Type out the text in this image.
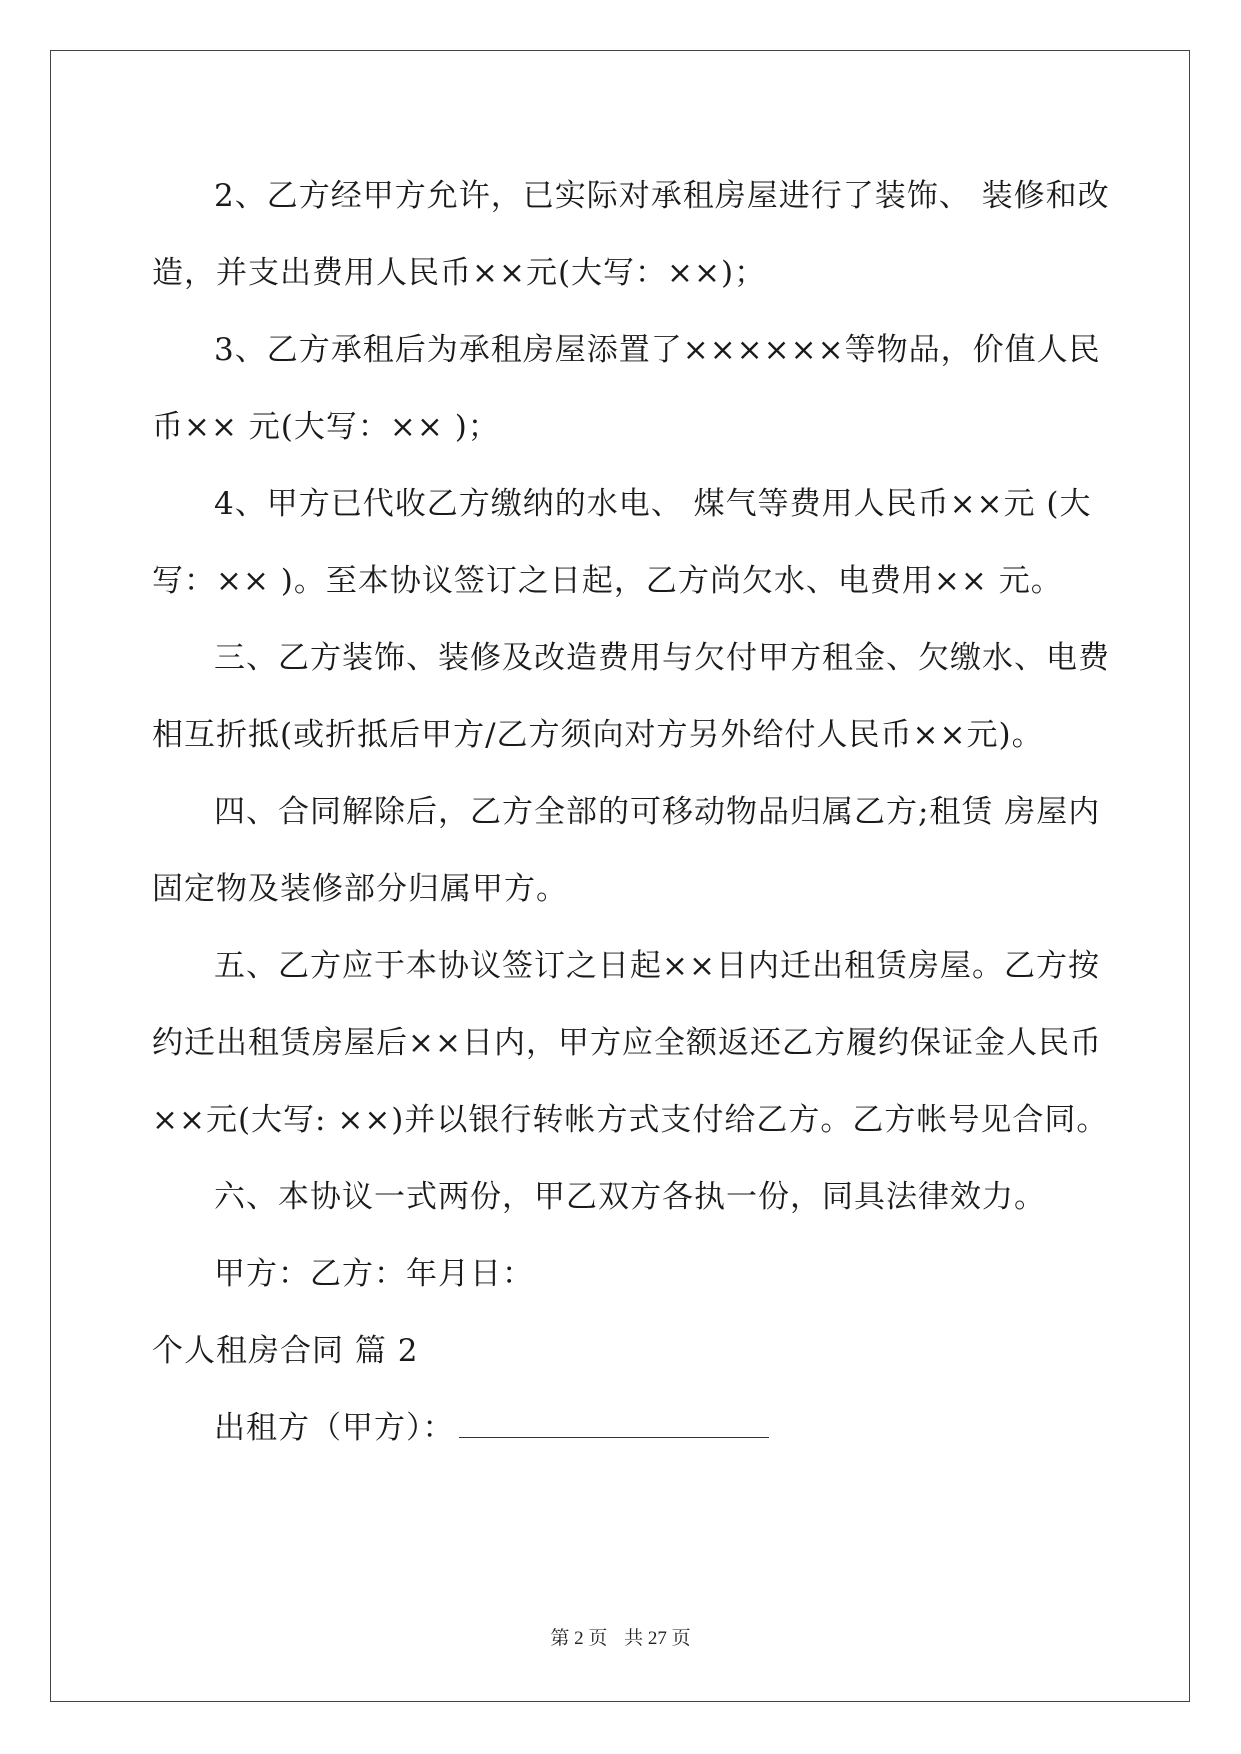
2、乙方经甲方允许，已实际对承租房屋进行了装饰、 装修和改
造，并支出费用人民币××元(大写：××)；
3、乙方承租后为承租房屋添置了××××××等物品，价值人民
币×× 元(大写：×× )；
4、甲方已代收乙方缴纳的水电、 煤气等费用人民币××元 (大
写：×× )。至本协议签订之日起，乙方尚欠水、电费用×× 元。
三、乙方装饰、装修及改造费用与欠付甲方租金、欠缴水、电费
相互折抵(或折抵后甲方/乙方须向对方另外给付人民币××元)。
四、合同解除后，乙方全部的可移动物品归属乙方;租赁 房屋内
固定物及装修部分归属甲方。
五、乙方应于本协议签订之日起××日内迁出租赁房屋。乙方按
约迁出租赁房屋后××日内，甲方应全额返还乙方履约保证金人民币
××元(大写: ××)并以银行转帐方式支付给乙方。乙方帐号见合同。
六、本协议一式两份，甲乙双方各执一份，同具法律效力。
甲方：乙方：年月日：
个人租房合同 篇 2
出租方（甲方）：
第 2 页 共 27 页
